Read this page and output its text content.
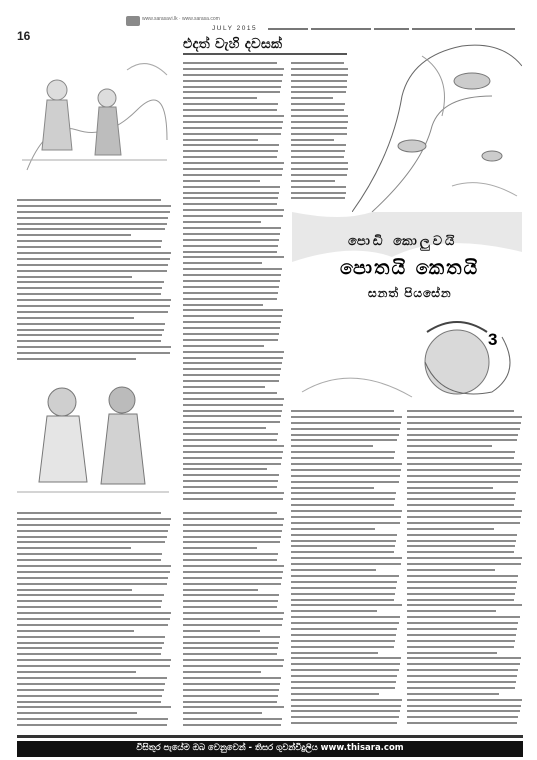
www.sarasavi.lk · www.sarasa.com
16
JULY 2015
එදත් වැහි දවසක්
පොඩි කොලුවයි
පොතයි කෙතයි
සනත් පියසේන
3
විසිතුර පැයේම ඔබ වෙනුවෙන් - තිසර ගුවන්විදුලිය www.thisara.com
